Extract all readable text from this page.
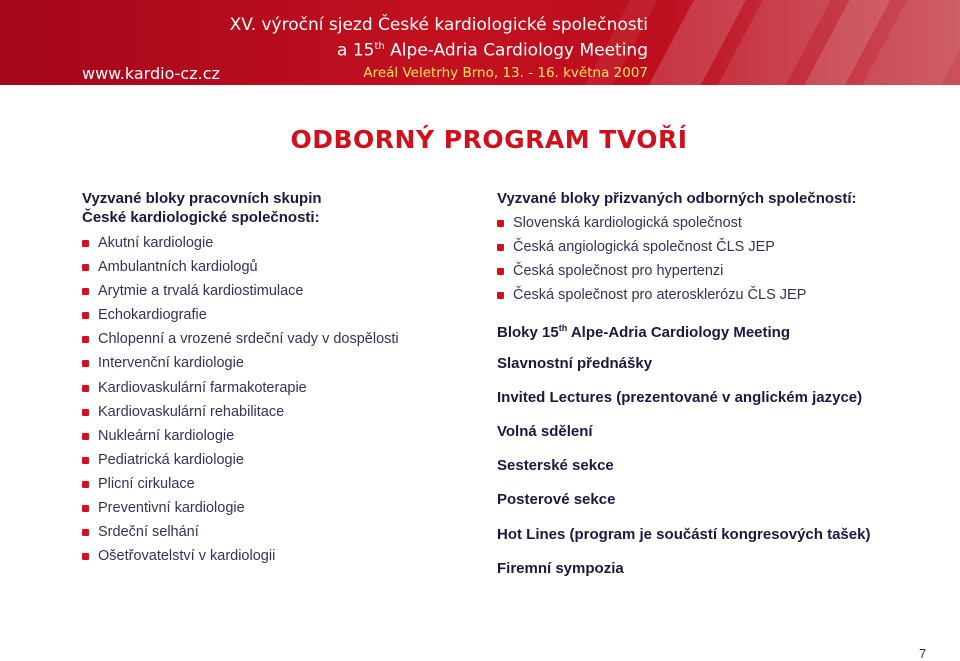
XV. výroční sjezd České kardiologické společnosti
a 15th Alpe-Adria Cardiology Meeting
www.kardio-cz.cz	Areál Veletrhy Brno, 13. - 16. května 2007
ODBORNÝ PROGRAM TVOŘÍ
Vyzvané bloky pracovních skupin
České kardiologické společnosti:
Akutní kardiologie
Ambulantních kardiologů
Arytmie a trvalá kardiostimulace
Echokardiografie
Chlopenní a vrozené srdeční vady v dospělosti
Intervenční kardiologie
Kardiovaskulární farmakoterapie
Kardiovaskulární rehabilitace
Nukleární kardiologie
Pediatrická kardiologie
Plicní cirkulace
Preventivní kardiologie
Srdeční selhání
Ošetřovatelství v kardiologii
Vyzvané bloky přizvaných odborných společností:
Slovenská kardiologická společnost
Česká angiologická společnost ČLS JEP
Česká společnost pro hypertenzi
Česká společnost pro aterosklerózu ČLS JEP
Bloky 15th Alpe-Adria Cardiology Meeting
Slavnostní přednášky
Invited Lectures (prezentované v anglickém jazyce)
Volná sdělení
Sesterské sekce
Posterové sekce
Hot Lines (program je součástí kongresových tašek)
Firemní sympozia
7
